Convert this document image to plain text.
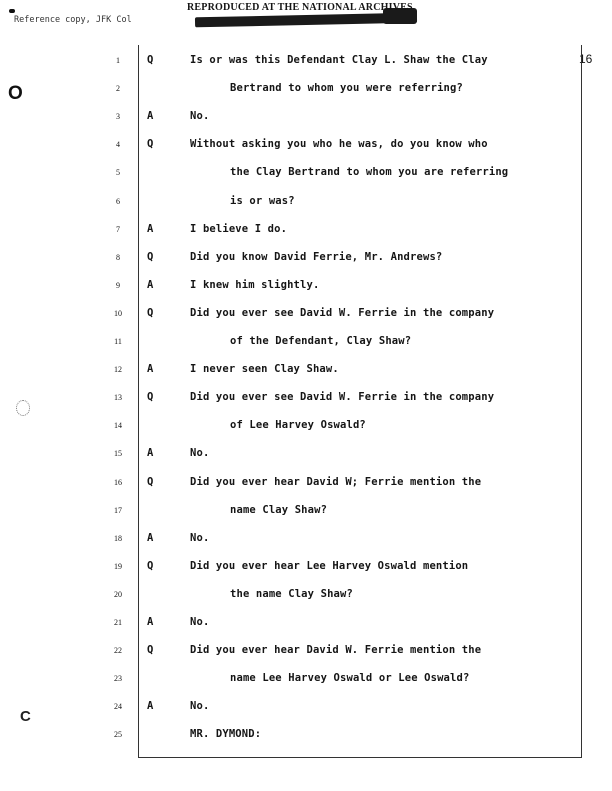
Reference copy, JFK Col
REPRODUCED AT THE NATIONAL ARCHIVES
16
O
C
1	Q	Is or was this Defendant Clay L. Shaw the Clay
2	Bertrand to whom you were referring?
3	A	No.
4	Q	Without asking you who he was, do you know who
5	the Clay Bertrand to whom you are referring
6	is or was?
7	A	I believe I do.
8	Q	Did you know David Ferrie, Mr. Andrews?
9	A	I knew him slightly.
10	Q	Did you ever see David W. Ferrie in the company
11	of the Defendant, Clay Shaw?
12	A	I never seen Clay Shaw.
13	Q	Did you ever see David W. Ferrie in the company
14	of Lee Harvey Oswald?
15	A	No.
16	Q	Did you ever hear David W; Ferrie mention the
17	name Clay Shaw?
18	A	No.
19	Q	Did you ever hear Lee Harvey Oswald mention
20	the name Clay Shaw?
21	A	No.
22	Q	Did you ever hear David W. Ferrie mention the
23	name Lee Harvey Oswald or Lee Oswald?
24	A	No.
25	MR. DYMOND:
